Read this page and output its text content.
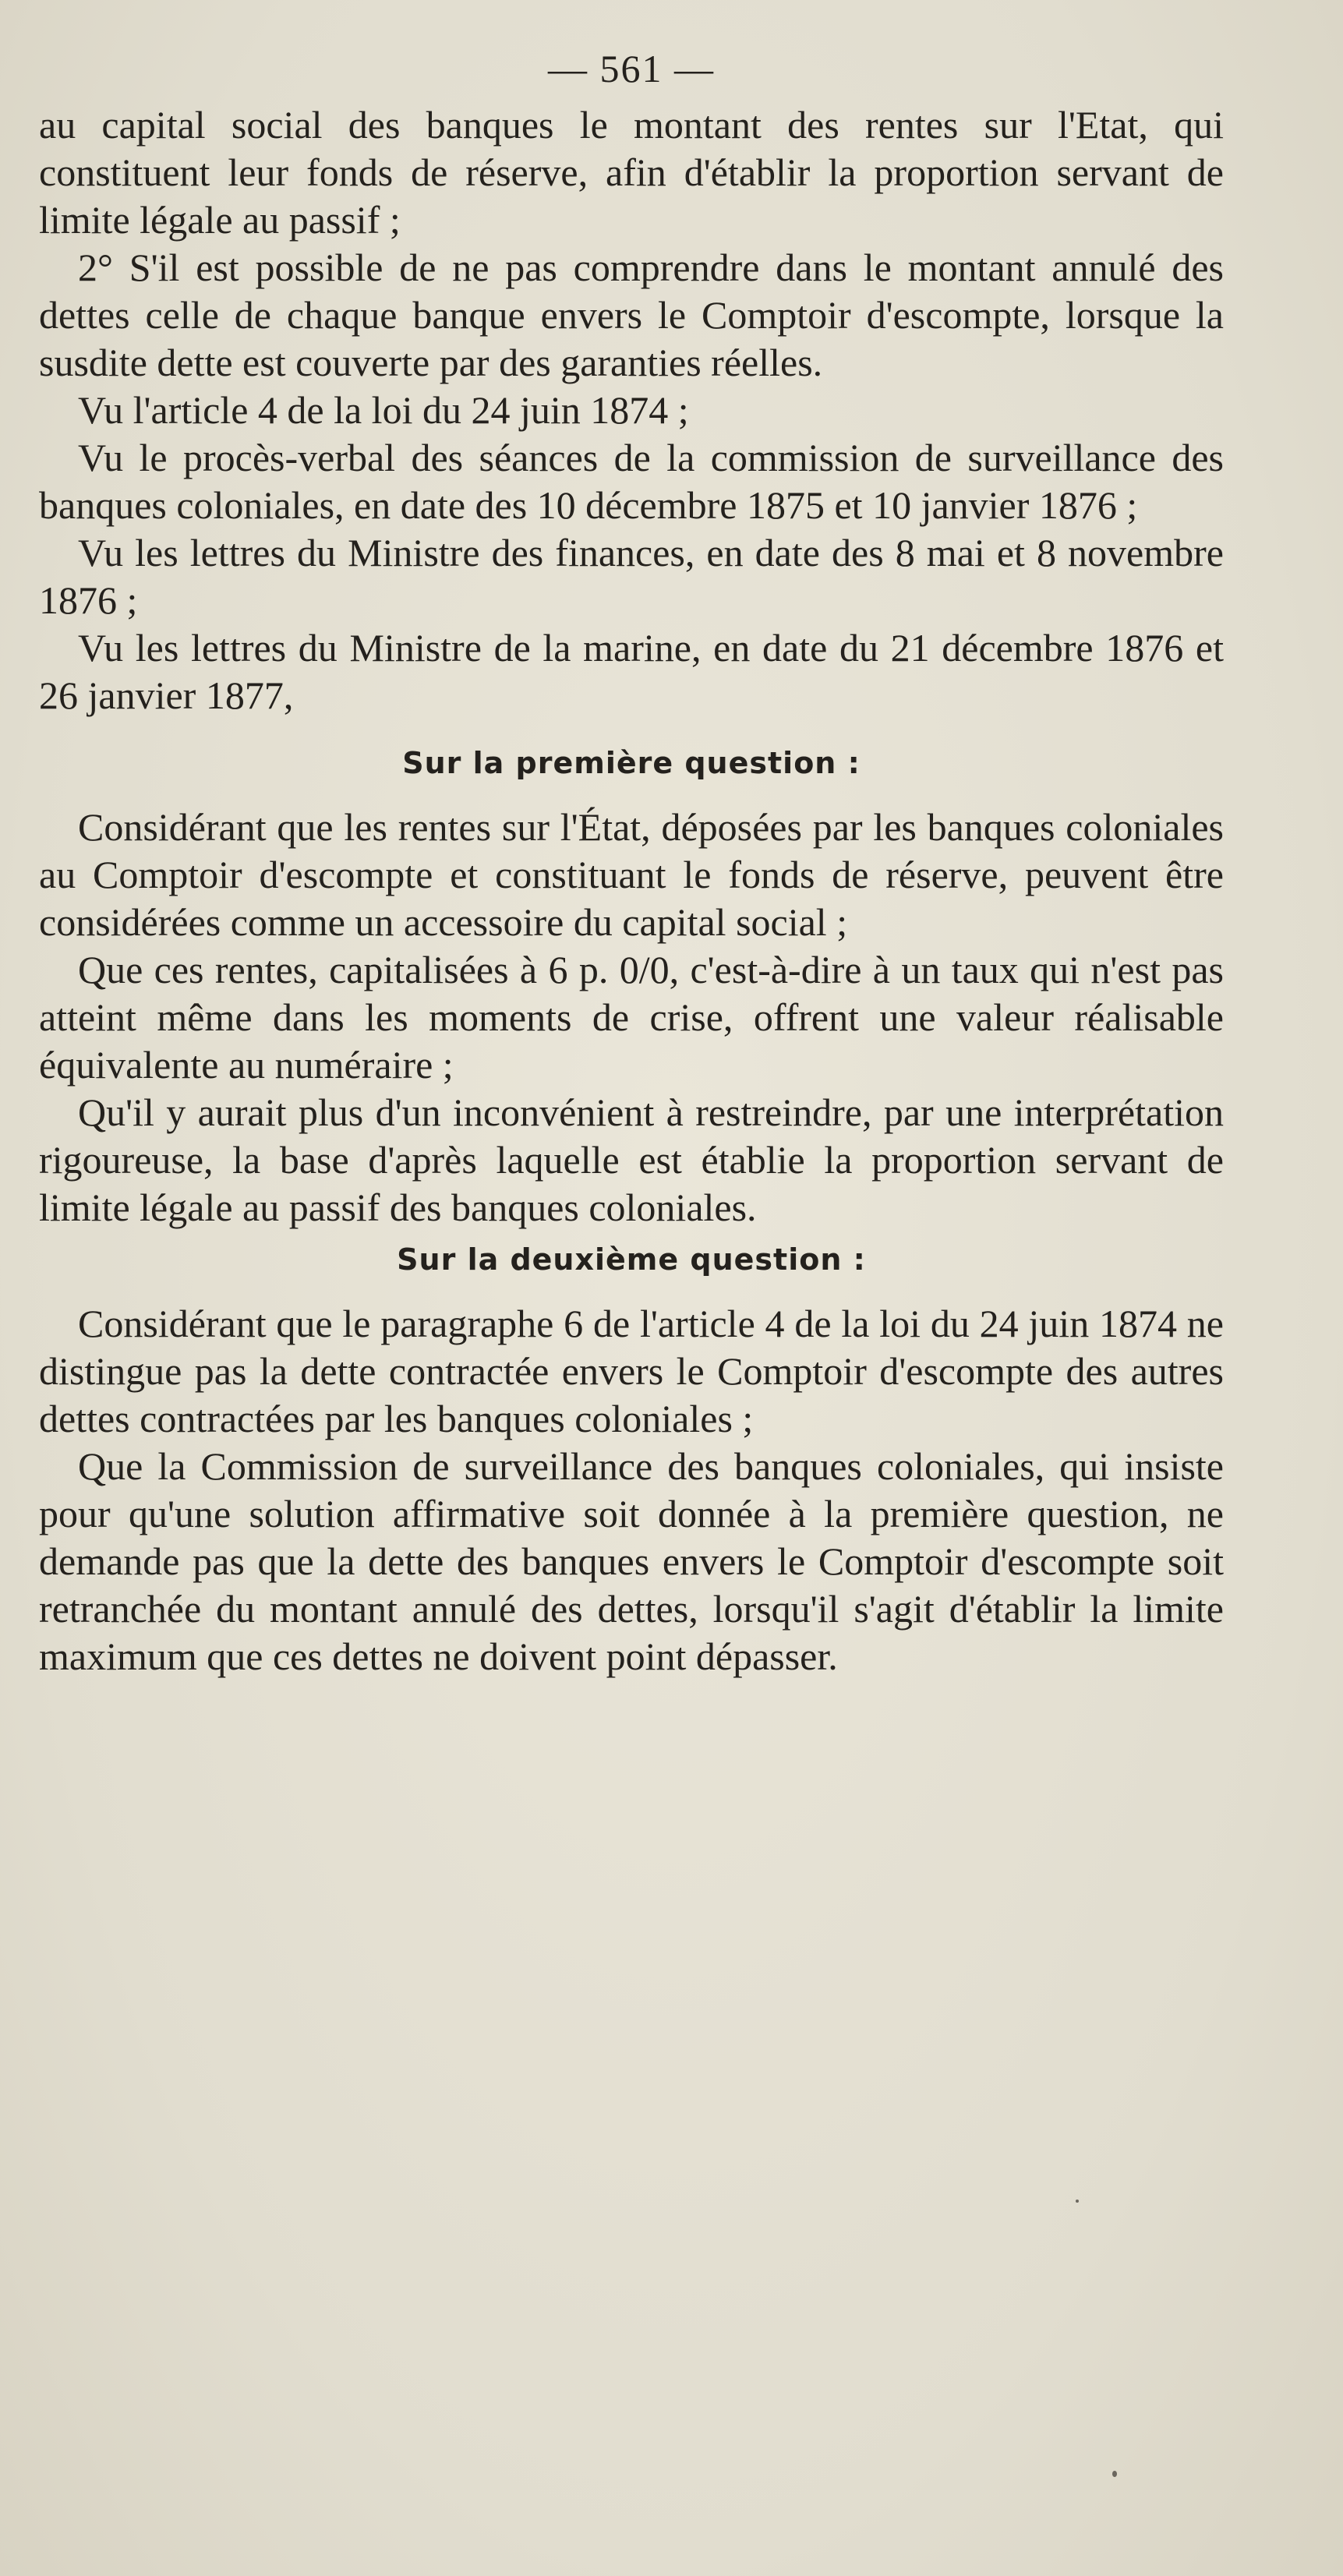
— 561 —

au capital social des banques le montant des rentes sur l'Etat, qui constituent leur fonds de réserve, afin d'établir la proportion servant de limite légale au passif ;

2° S'il est possible de ne pas comprendre dans le montant annulé des dettes celle de chaque banque envers le Comptoir d'escompte, lorsque la susdite dette est couverte par des garanties réelles.

Vu l'article 4 de la loi du 24 juin 1874 ;

Vu le procès-verbal des séances de la commission de surveillance des banques coloniales, en date des 10 décembre 1875 et 10 janvier 1876 ;

Vu les lettres du Ministre des finances, en date des 8 mai et 8 novembre 1876 ;

Vu les lettres du Ministre de la marine, en date du 21 décembre 1876 et 26 janvier 1877,

Sur la première question :

Considérant que les rentes sur l'État, déposées par les banques coloniales au Comptoir d'escompte et constituant le fonds de réserve, peuvent être considérées comme un accessoire du capital social ;

Que ces rentes, capitalisées à 6 p. 0/0, c'est-à-dire à un taux qui n'est pas atteint même dans les moments de crise, offrent une valeur réalisable équivalente au numéraire ;

Qu'il y aurait plus d'un inconvénient à restreindre, par une interprétation rigoureuse, la base d'après laquelle est établie la proportion servant de limite légale au passif des banques coloniales.

Sur la deuxième question :

Considérant que le paragraphe 6 de l'article 4 de la loi du 24 juin 1874 ne distingue pas la dette contractée envers le Comptoir d'escompte des autres dettes contractées par les banques coloniales ;

Que la Commission de surveillance des banques coloniales, qui insiste pour qu'une solution affirmative soit donnée à la première question, ne demande pas que la dette des banques envers le Comptoir d'escompte soit retranchée du montant annulé des dettes, lorsqu'il s'agit d'établir la limite maximum que ces dettes ne doivent point dépasser.
